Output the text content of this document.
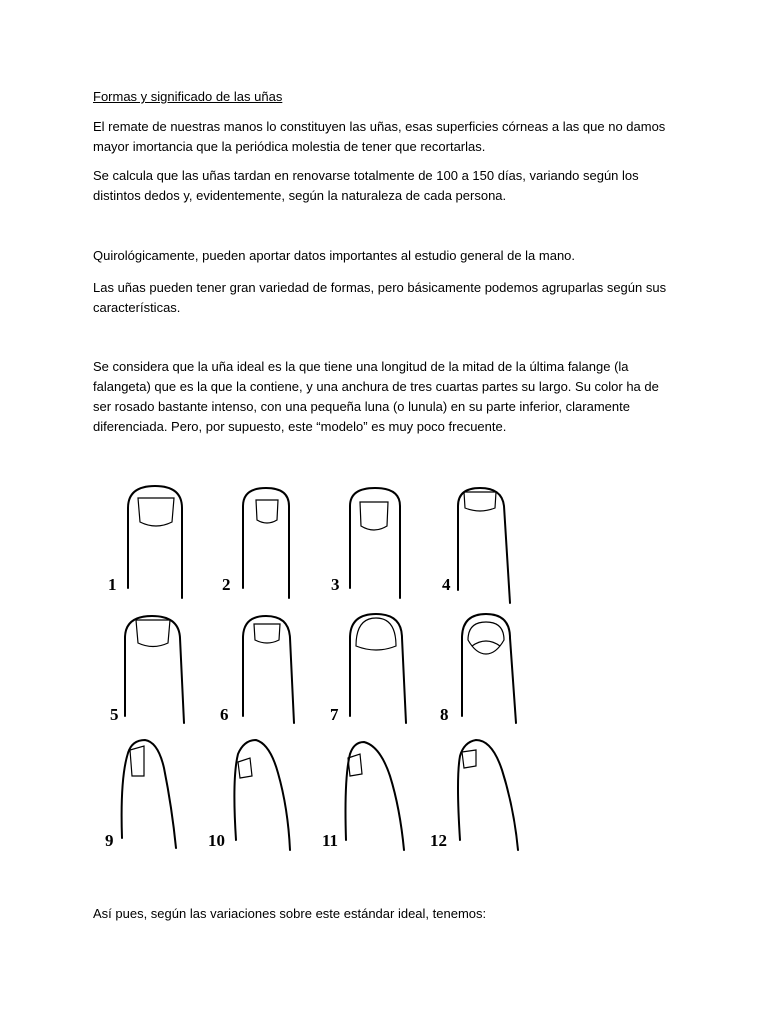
Formas y significado de las uñas

El remate de nuestras manos lo constituyen las uñas, esas superficies córneas a las que no damos mayor imortancia que la periódica molestia de tener que recortarlas.

Se calcula que las uñas tardan en renovarse totalmente de 100 a 150 días, variando según los distintos dedos y, evidentemente, según la naturaleza de cada persona.

Quirológicamente, pueden aportar datos importantes al estudio general de la mano.

Las uñas pueden tener gran variedad de formas, pero básicamente podemos agruparlas según sus características.

Se considera que la uña ideal es la que tiene una longitud de la mitad de la última falange (la falangeta) que es la que la contiene, y una anchura de tres cuartas partes su largo. Su color ha de ser rosado bastante intenso, con una pequeña luna (o lunula) en su parte inferior, claramente diferenciada. Pero, por supuesto, este “modelo” es muy poco frecuente.

1	2	3	4
5	6	7	8
9	10	11	12

Así pues, según las variaciones sobre este estándar ideal, tenemos:
